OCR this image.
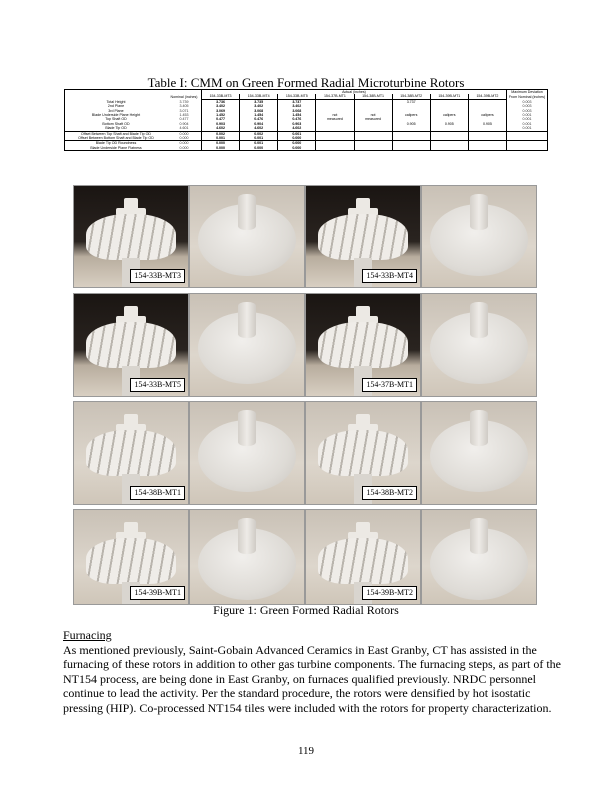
Table I: CMM on Green Formed Radial Microturbine Rotors
	Nominal (inches)	Actual (inches)								Maximum Deviation From Nominal (inches)
		154-33B-MT3	154-33B-MT4	154-33B-MT5	154-37B-MT1	154-38B-MT1	154-38B-MT2	154-39B-MT1	154-39B-MT2	
Total Height	3.739	3.736	3.735	3.737			3.737			0.003
2nd Plane	3.405	3.402	3.402	3.402						0.003
3rd Plane	3.071	3.069	3.068	3.068						0.003
Blade Underside Plane Height	1.453	1.452	1.454	1.454	not	not	calipers	calipers	calipers	0.001
Top Shaft OD	0.477	0.477	0.476	0.476	measured	measured				0.001
Bottom Shaft OD	0.904	0.903	0.904	0.903			0.905	0.905	0.905	0.001
Blade Tip OD	4.601	4.602	4.602	4.602						0.001
Offset Between Top Shaft and Blade Tip OD	0.000	0.002	0.002	0.001						
Offset Between Bottom Shaft and Blade Tip OD	0.000	0.001	0.001	0.000						
Blade Tip OD Roundness	0.000	0.000	0.001	0.000						
Blade Underside Plane Flatness	0.000	0.000	0.000	0.000						
154-33B-MT3	154-33B-MT4
154-33B-MT5	154-37B-MT1
154-38B-MT1	154-38B-MT2
154-39B-MT1	154-39B-MT2
Figure 1: Green Formed Radial Rotors
Furnacing
As mentioned previously, Saint-Gobain Advanced Ceramics in East Granby, CT has assisted in the furnacing of these rotors in addition to other gas turbine components. The furnacing steps, as part of the NT154 process, are being done in East Granby, on furnaces qualified previously. NRDC personnel continue to lead the activity. Per the standard procedure, the rotors were densified by hot isostatic pressing (HIP). Co-processed NT154 tiles were included with the rotors for property characterization.
119
